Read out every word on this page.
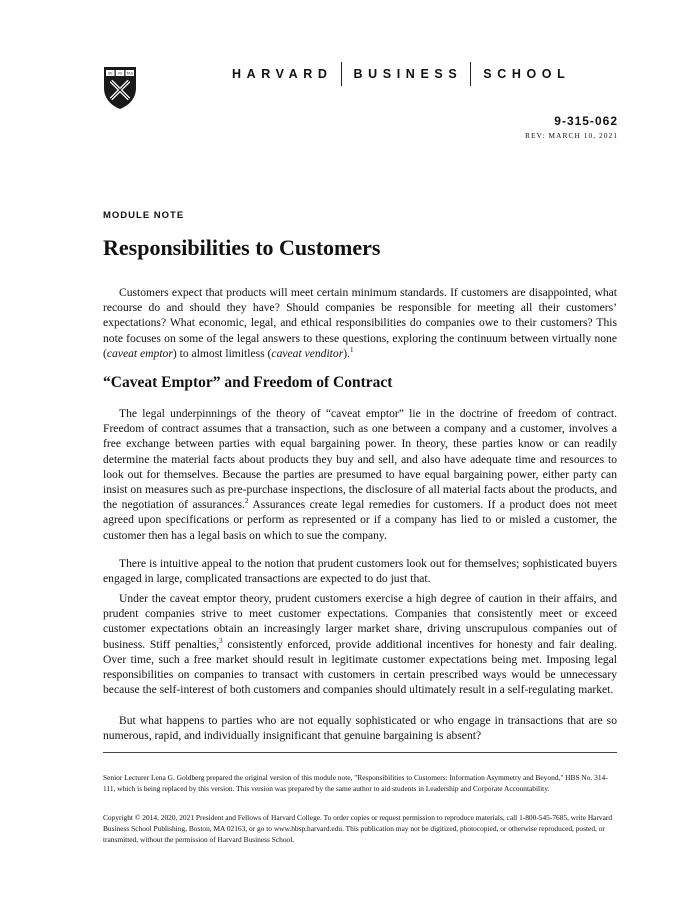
VE RI TAS	HARVARD BUSINESS SCHOOL
9-315-062
REV: MARCH 10, 2021
MODULE NOTE
Responsibilities to Customers

Customers expect that products will meet certain minimum standards. If customers are disappointed, what recourse do and should they have? Should companies be responsible for meeting all their customers’ expectations? What economic, legal, and ethical responsibilities do companies owe to their customers? This note focuses on some of the legal answers to these questions, exploring the continuum between virtually none (caveat emptor) to almost limitless (caveat venditor).$^1$

“Caveat Emptor” and Freedom of Contract

The legal underpinnings of the theory of “caveat emptor” lie in the doctrine of freedom of contract. Freedom of contract assumes that a transaction, such as one between a company and a customer, involves a free exchange between parties with equal bargaining power. In theory, these parties know or can readily determine the material facts about products they buy and sell, and also have adequate time and resources to look out for themselves. Because the parties are presumed to have equal bargaining power, either party can insist on measures such as pre-purchase inspections, the disclosure of all material facts about the products, and the negotiation of assurances.$^2$ Assurances create legal remedies for customers. If a product does not meet agreed upon specifications or perform as represented or if a company has lied to or misled a customer, the customer then has a legal basis on which to sue the company.

There is intuitive appeal to the notion that prudent customers look out for themselves; sophisticated buyers engaged in large, complicated transactions are expected to do just that.

Under the caveat emptor theory, prudent customers exercise a high degree of caution in their affairs, and prudent companies strive to meet customer expectations. Companies that consistently meet or exceed customer expectations obtain an increasingly larger market share, driving unscrupulous companies out of business. Stiff penalties,$^3$ consistently enforced, provide additional incentives for honesty and fair dealing. Over time, such a free market should result in legitimate customer expectations being met. Imposing legal responsibilities on companies to transact with customers in certain prescribed ways would be unnecessary because the self-interest of both customers and companies should ultimately result in a self-regulating market.

But what happens to parties who are not equally sophisticated or who engage in transactions that are so numerous, rapid, and individually insignificant that genuine bargaining is absent?

Senior Lecturer Lena G. Goldberg prepared the original version of this module note, "Responsibilities to Customers: Information Asymmetry and Beyond," HBS No. 314-111, which is being replaced by this version. This version was prepared by the same author to aid students in Leadership and Corporate Accountability.

Copyright © 2014, 2020, 2021 President and Fellows of Harvard College. To order copies or request permission to reproduce materials, call 1-800-545-7685, write Harvard Business School Publishing, Boston, MA 02163, or go to www.hbsp.harvard.edu. This publication may not be digitized, photocopied, or otherwise reproduced, posted, or transmitted, without the permission of Harvard Business School.
